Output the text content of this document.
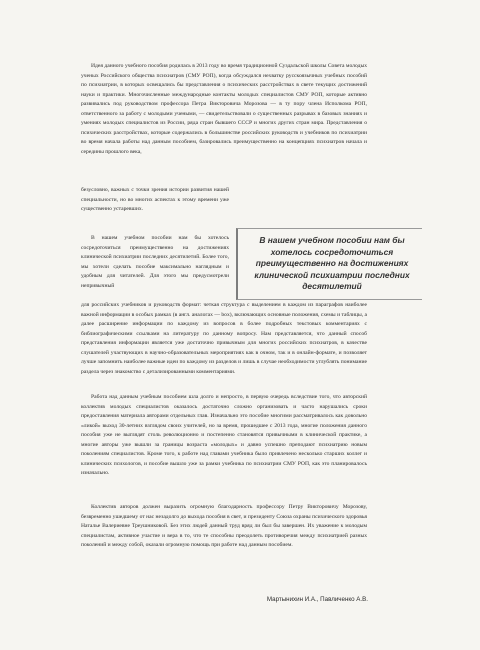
Идея данного учебного пособия родилась в 2013 году во время традиционной Суздальской школы Совета молодых ученых Российского общества психиатров (СМУ РОП), когда обсуждался нехватку русскоязычных учебных пособий по психиатрии, в которых освещались бы представления о психических расстройствах в свете текущих достижений науки и практики. Многочисленные международные контакты молодых специалистов СМУ РОП, которые активно развивались под руководством профессора Петра Викторовича Морозова — в ту пору члена Исполкома РОП, ответственного за работу с молодыми учеными, — свидетельствовали о существенных разрывах в базовых знаниях и умениях молодых специалистов из России, ряда стран бывшего СССР и многих других стран мира. Представления о психических расстройствах, которые содержались в большинстве российских руководств и учебников по психиатрии во время начала работы над данным пособием, базировались преимущественно на концепциях психиатров начала и середины прошлого века,

безусловно, важных с точки зрения истории развития нашей специальности, но во многих аспектах к этому времени уже существенно устаревших.

В нашем учебном пособии нам бы хотелось сосредоточиться преимущественно на достижениях клинической психиатрии последних десятилетий. Более того, мы хотели сделать пособие максимально наглядным и удобным для читателей. Для этого мы предусмотрели непривычный

В нашем учебном пособии нам бы хотелось сосредоточиться преимущественно на достижениях клинической психиатрии последних десятилетий

для российских учебников и руководств формат: четкая структура с выделением в каждом из параграфов наиболее важной информации в особых рамках (в англ. аналогах — box), включающих основные положения, схемы и таблицы, а далее расширение информации по каждому из вопросов в более подробных текстовых комментариях с библиографическими ссылками на литературу по данному вопросу. Нам представляется, что данный способ представления информации является уже достаточно привычным для многих российских психиатров, в качестве слушателей участвующих в научно-образовательных мероприятиях как в очном, так и в онлайн-формате, и позволяет лучше запомнить наиболее важные идеи по каждому из разделов и лишь в случае необходимости углублять понимание раздела через знакомство с детализированными комментариями.

Работа над данным учебным пособием шла долго и непросто, в первую очередь вследствие того, что авторский коллектив молодых специалистов оказалось достаточно сложно организовать и часто нарушались сроки предоставления материала авторами отдельных глав. Изначально это пособие многими рассматривалось как довольно «ликой» выход 30-летних взглядом своих учителей, но за время, прошедшее с 2013 года, многие положения данного пособия уже не выглядят столь революционно и постепенно становятся привычными в клинической практике, а многие авторы уже вышли за границы возраста «молодых» и давно успешно преподают психиатрию новым поколениям специалистов. Кроме того, к работе над главами учебника было привлечено несколько старших коллег и клинических психологов, и пособие вышло уже за рамки учебника по психиатрии СМУ РОП, как это планировалось изначально.

Коллектив авторов должен выразить огромную благодарность профессору Петру Викторовичу Морозову, безвременно ушедшему от нас незадолго до выхода пособия в свет, и президенту Союза охраны психического здоровья Наталье Валериевне Треушниковой. Без этих людей данный труд вряд ли был бы завершен. Их уважение к молодым специалистам, активное участие и вера в то, что те способны преодолеть противоречия между психиатрией разных поколений и между собой, оказали огромную помощь при работе над данным пособием.

Мартынихин И.А., Павличенко А.В.
